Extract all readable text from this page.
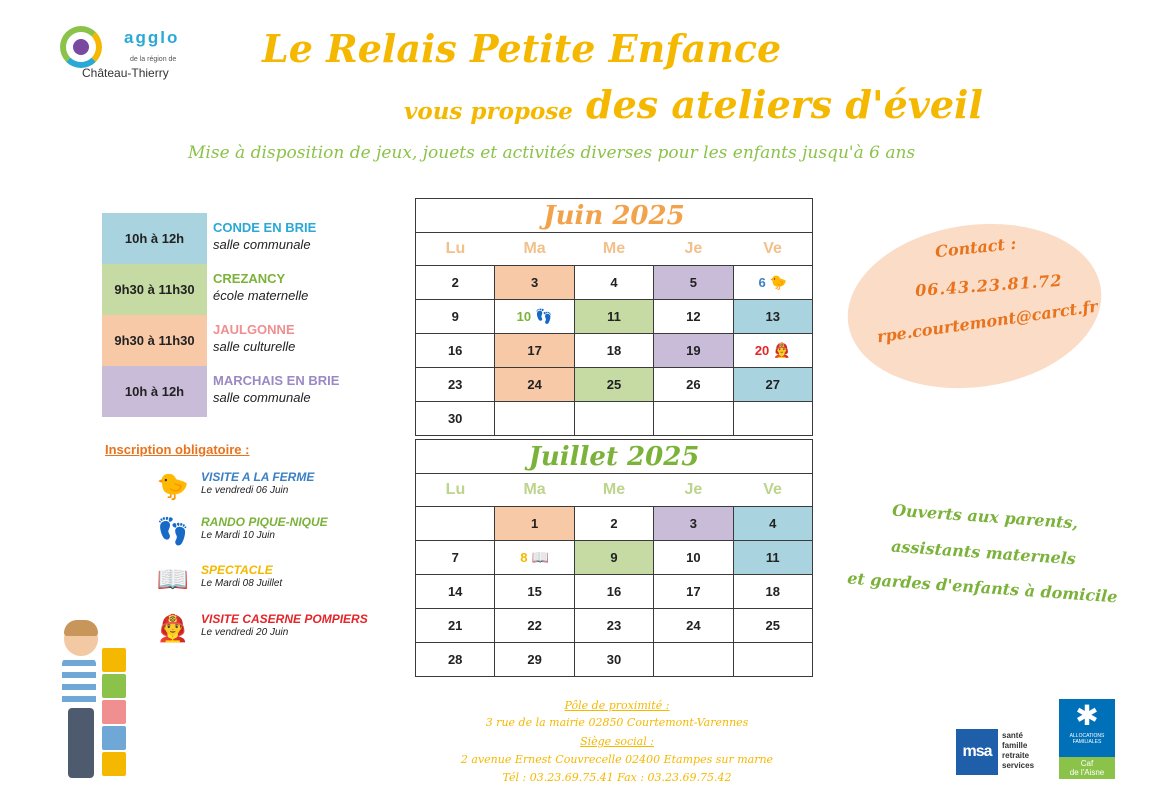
agglo
de la région de
Château-Thierry
Le Relais Petite Enfance
vous propose des ateliers d'éveil
Mise à disposition de jeux, jouets et activités diverses pour les enfants jusqu'à 6 ans
10h à 12h
CONDE EN BRIE
salle communale
9h30 à 11h30
CREZANCY
école maternelle
9h30 à 11h30
JAULGONNE
salle culturelle
10h à 12h
MARCHAIS EN BRIE
salle communale
Inscription obligatoire :
🐤 VISITE A LA FERME
Le vendredi 06 Juin
👣 RANDO PIQUE-NIQUE
Le Mardi 10 Juin
📖 SPECTACLE
Le Mardi 08 Juillet
👨‍🚒 VISITE CASERNE POMPIERS
Le vendredi 20 Juin
Juin 2025				
Lu	Ma	Me	Je	Ve
2	3	4	5	6 🐤
9	10 👣	11	12	13
16	17	18	19	20 👨‍🚒
23	24	25	26	27
30				
Juillet 2025				
Lu	Ma	Me	Je	Ve
	1	2	3	4
7	8 📖	9	10	11
14	15	16	17	18
21	22	23	24	25
28	29	30		
Contact :
06.43.23.81.72
rpe.courtemont@carct.fr
Ouverts aux parents,
assistants maternels
et gardes d'enfants à domicile
Pôle de proximité :
3 rue de la mairie 02850 Courtemont-Varennes
Siège social :
2 avenue Ernest Couvrecelle 02400 Etampes sur marne
Tél : 03.23.69.75.41 Fax : 03.23.69.75.42
msa
santé
famille
retraite
services
✱
ALLOCATIONS FAMILIALES
Caf
de l'Aisne
